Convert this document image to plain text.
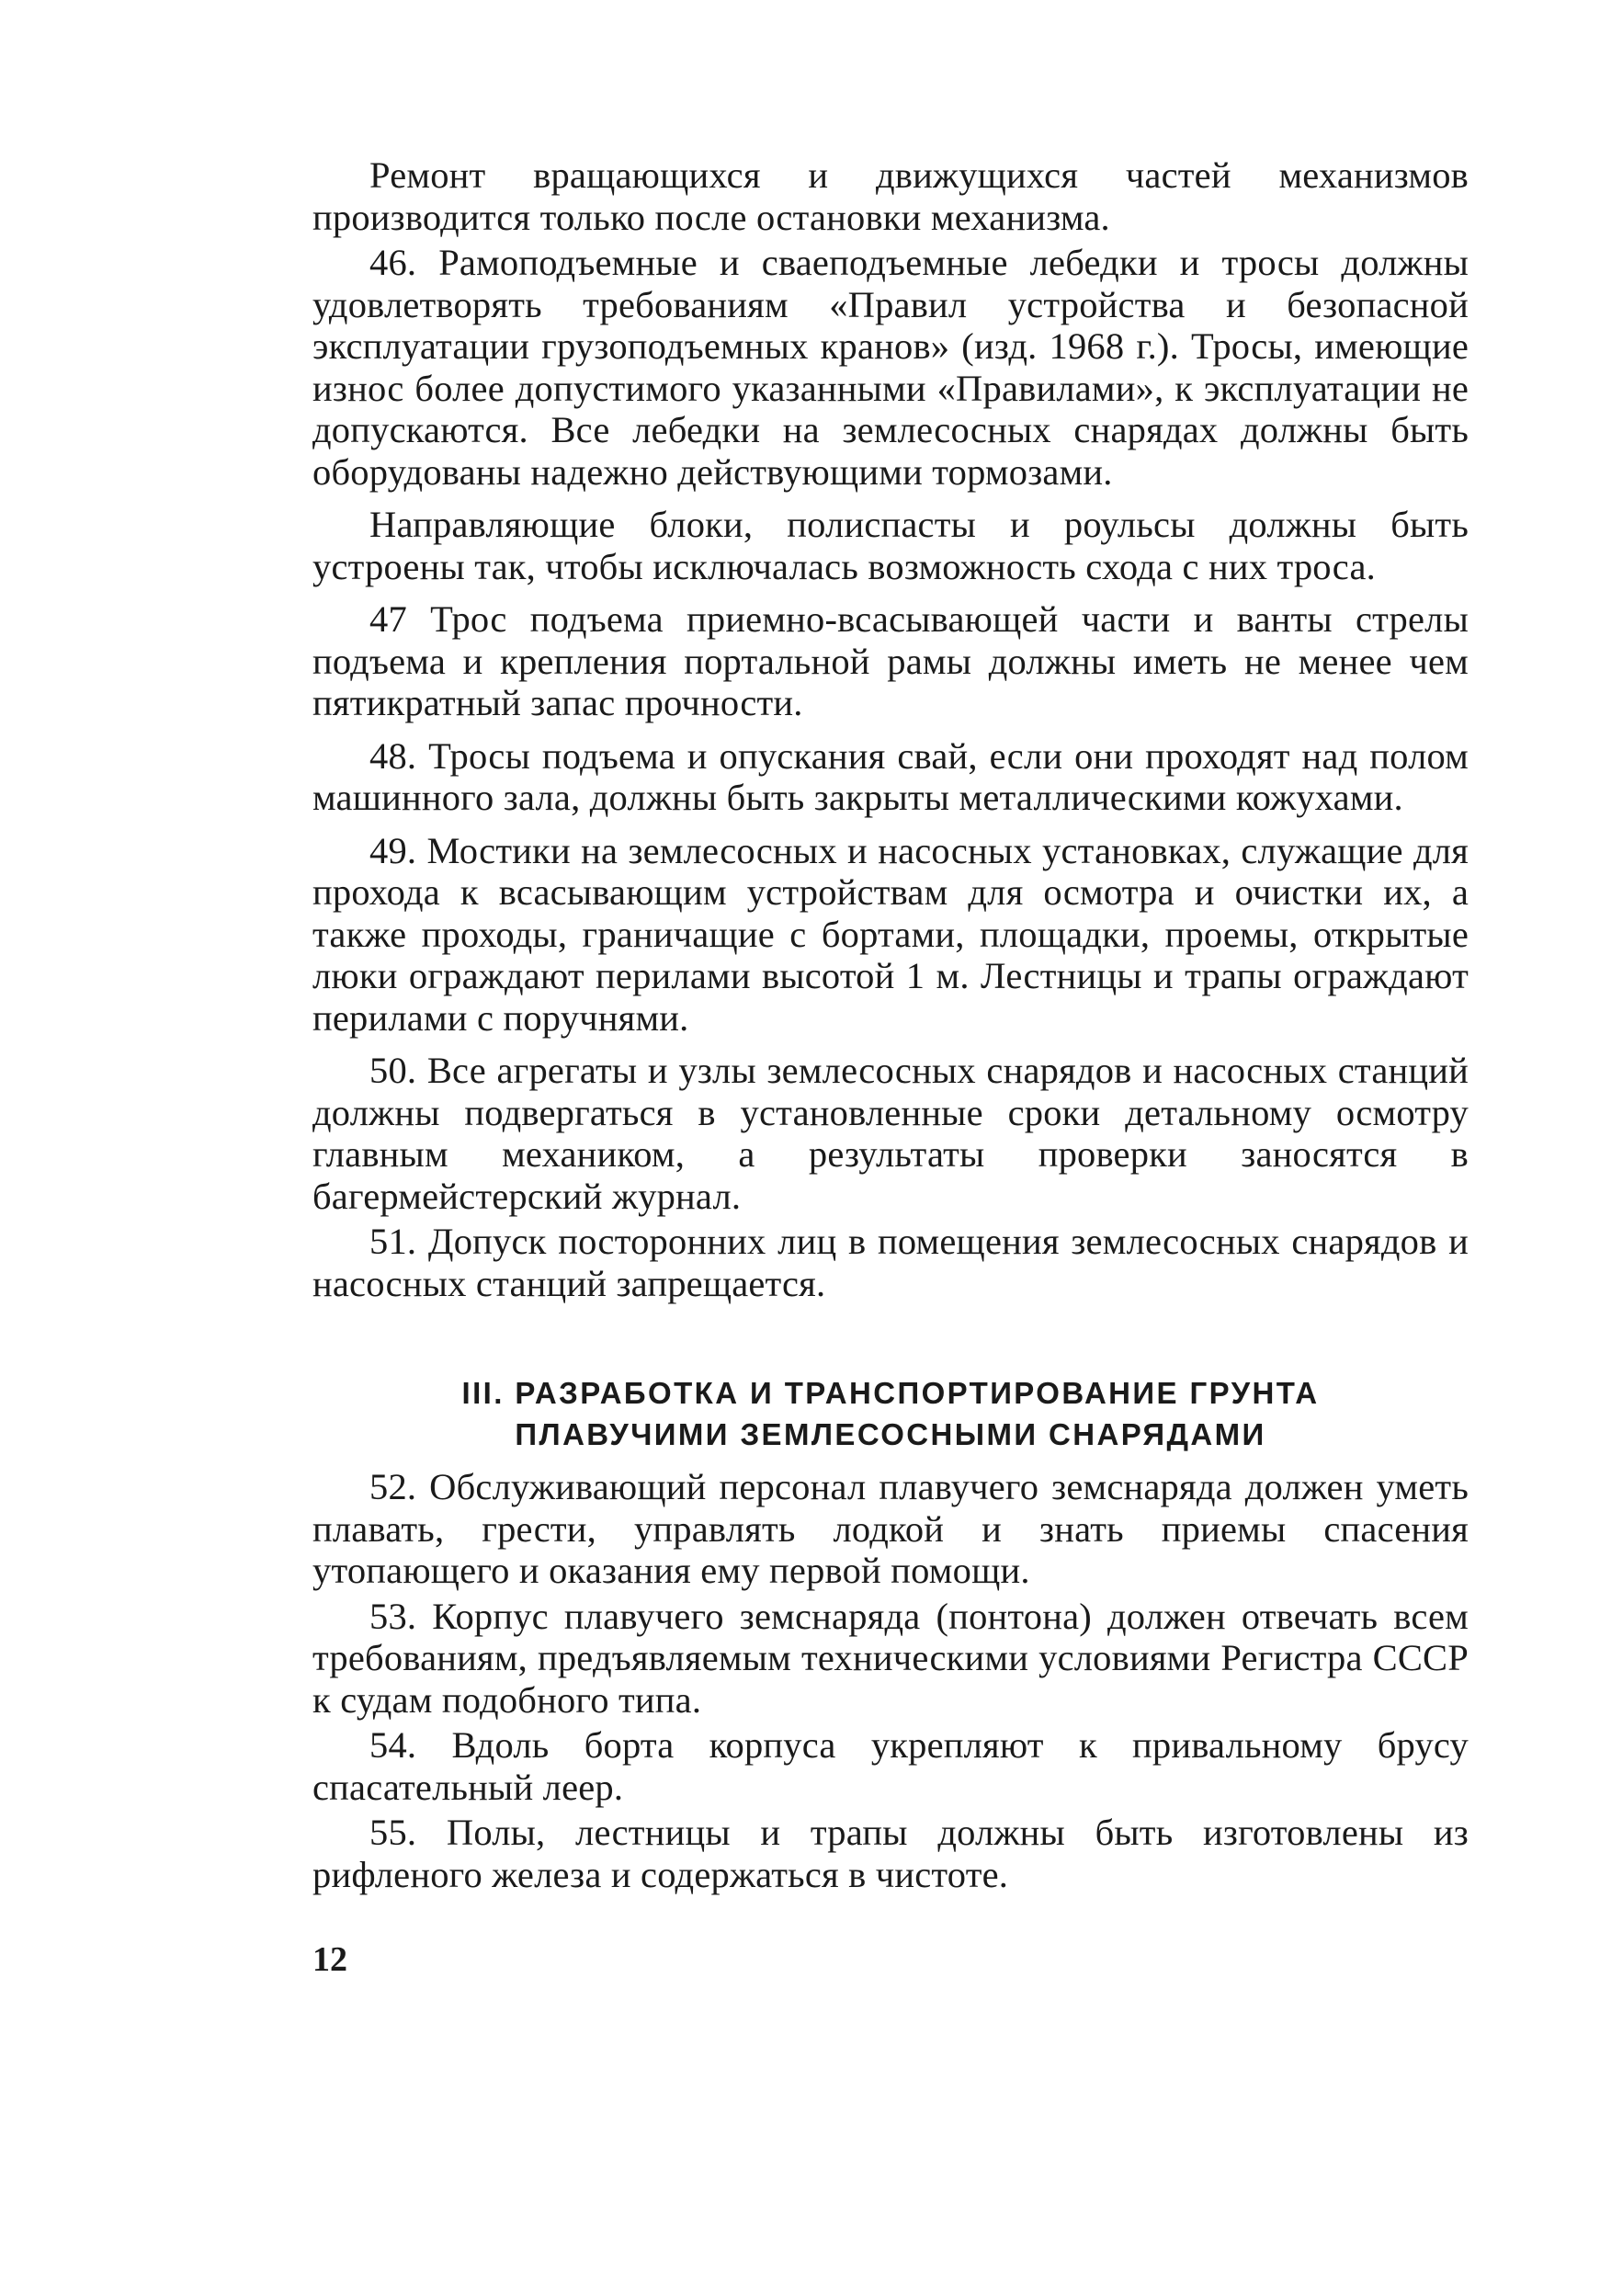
Ремонт вращающихся и движущихся частей механизмов производится только после остановки механизма.

46. Рамоподъемные и сваеподъемные лебедки и тросы должны удовлетворять требованиям «Правил устройства и безопасной эксплуатации грузоподъемных кранов» (изд. 1968 г.). Тросы, имеющие износ более допустимого указанными «Правилами», к эксплуатации не допускаются. Все лебедки на землесосных снарядах должны быть оборудованы надежно действующими тормозами.

Направляющие блоки, полиспасты и роульсы должны быть устроены так, чтобы исключалась возможность схода с них троса.

47 Трос подъема приемно-всасывающей части и ванты стрелы подъема и крепления портальной рамы должны иметь не менее чем пятикратный запас прочности.

48. Тросы подъема и опускания свай, если они проходят над полом машинного зала, должны быть закрыты металлическими кожухами.

49. Мостики на землесосных и насосных установках, служащие для прохода к всасывающим устройствам для осмотра и очистки их, а также проходы, граничащие с бортами, площадки, проемы, открытые люки ограждают перилами высотой 1 м. Лестницы и трапы ограждают перилами с поручнями.

50. Все агрегаты и узлы землесосных снарядов и насосных станций должны подвергаться в установленные сроки детальному осмотру главным механиком, а результаты проверки заносятся в багермейстерский журнал.

51. Допуск посторонних лиц в помещения землесосных снарядов и насосных станций запрещается.

III. РАЗРАБОТКА И ТРАНСПОРТИРОВАНИЕ ГРУНТА
ПЛАВУЧИМИ ЗЕМЛЕСОСНЫМИ СНАРЯДАМИ

52. Обслуживающий персонал плавучего земснаряда должен уметь плавать, грести, управлять лодкой и знать приемы спасения утопающего и оказания ему первой помощи.

53. Корпус плавучего земснаряда (понтона) должен отвечать всем требованиям, предъявляемым техническими условиями Регистра СССР к судам подобного типа.

54. Вдоль борта корпуса укрепляют к привальному брусу спасательный леер.

55. Полы, лестницы и трапы должны быть изготовлены из рифленого железа и содержаться в чистоте.

12
